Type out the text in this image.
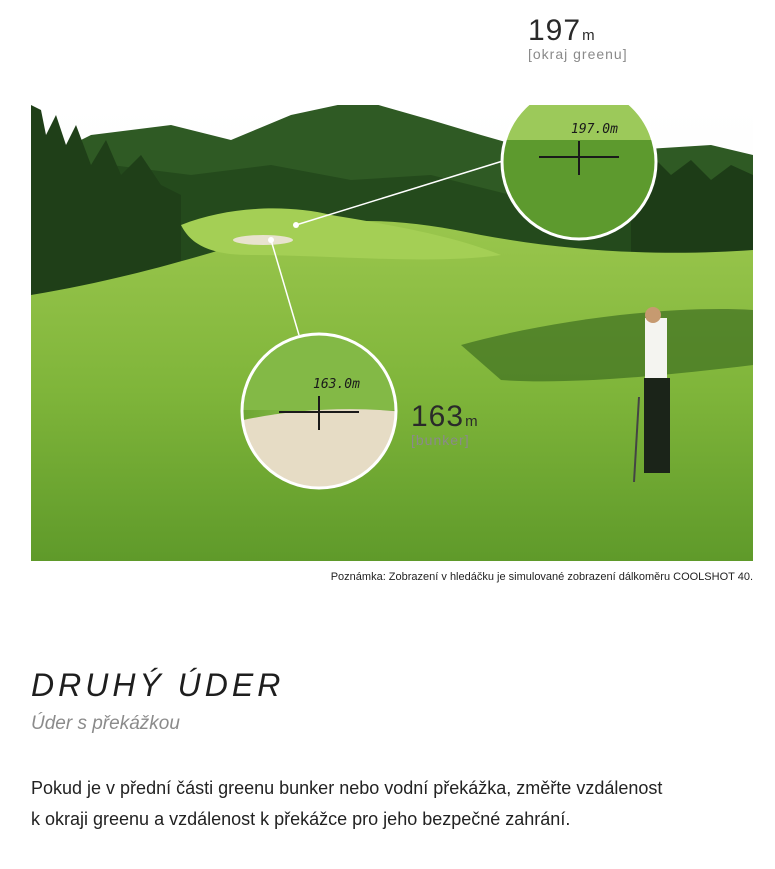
197.0m
163.0m
197m
[okraj greenu]
163m
[bunker]
Poznámka: Zobrazení v hledáčku je simulované zobrazení dálkoměru COOLSHOT 40.
DRUHÝ ÚDER
Úder s překážkou
Pokud je v přední části greenu bunker nebo vodní překážka, změřte vzdálenost
k okraji greenu a vzdálenost k překážce pro jeho bezpečné zahrání.
